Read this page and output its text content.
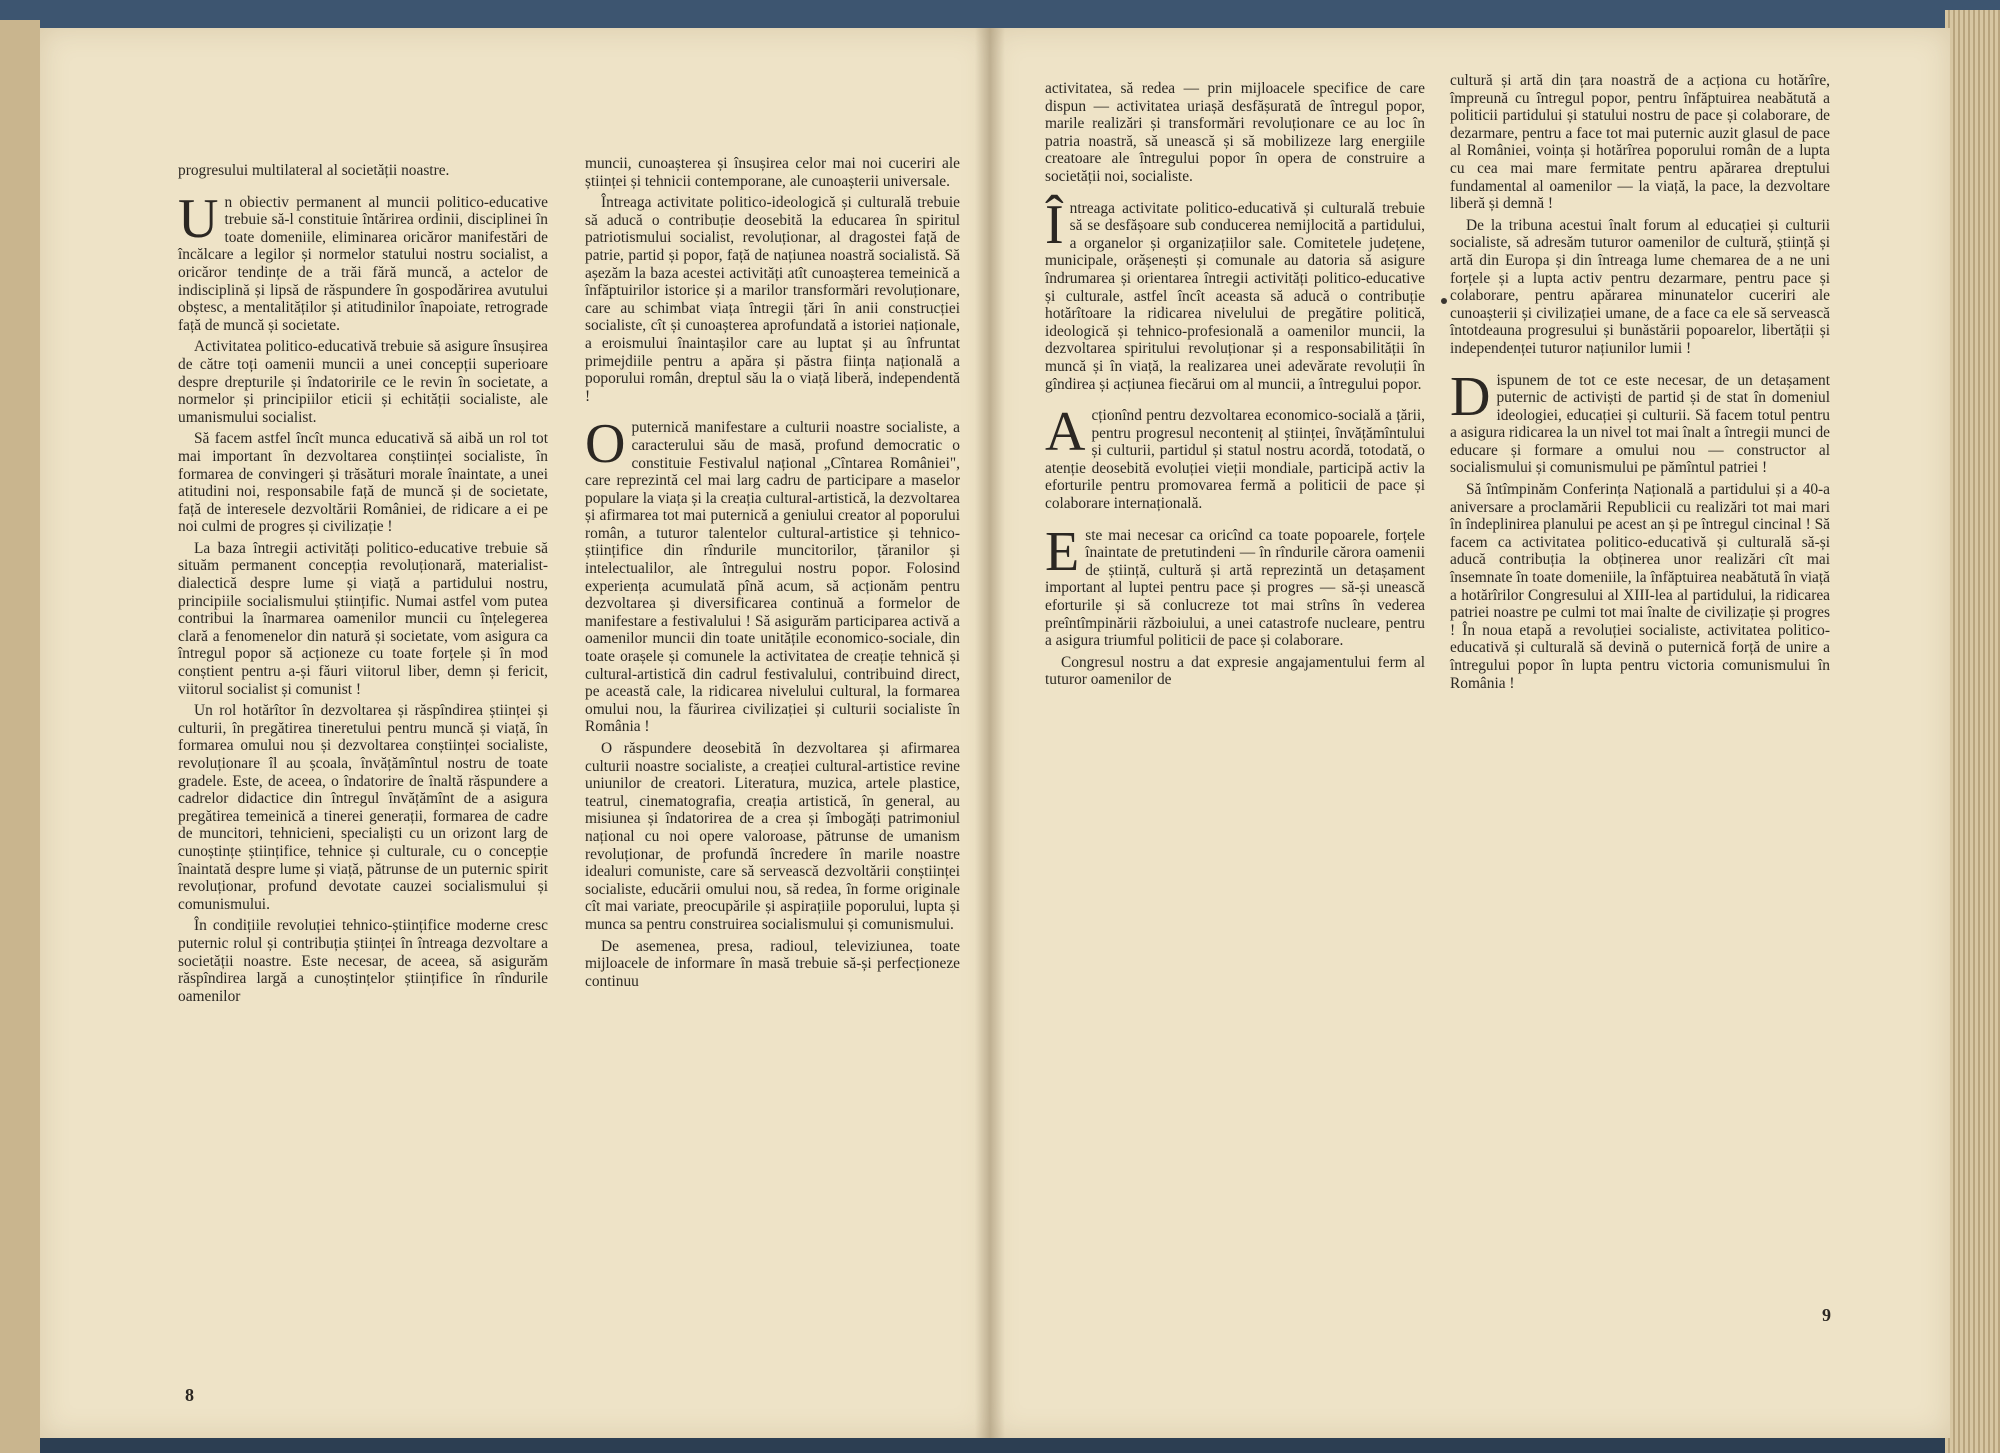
progresului multilateral al societății noastre.

Un obiectiv permanent al muncii politico-educative trebuie să-l constituie întărirea ordinii, disciplinei în toate domeniile, eliminarea oricăror manifestări de încălcare a legilor și normelor statului nostru socialist, a oricăror tendințe de a trăi fără muncă, a actelor de indisciplină și lipsă de răspundere în gospodărirea avutului obștesc, a mentalităților și atitudinilor înapoiate, retrograde față de muncă și societate.

Activitatea politico-educativă trebuie să asigure însușirea de către toți oamenii muncii a unei concepții superioare despre drepturile și îndatoririle ce le revin în societate, a normelor și principiilor eticii și echității socialiste, ale umanismului socialist.

Să facem astfel încît munca educativă să aibă un rol tot mai important în dezvoltarea conștiinței socialiste, în formarea de convingeri și trăsături morale înaintate, a unei atitudini noi, responsabile față de muncă și de societate, față de interesele dezvoltării României, de ridicare a ei pe noi culmi de progres și civilizație !

La baza întregii activități politico-educative trebuie să situăm permanent concepția revoluționară, materialist-dialectică despre lume și viață a partidului nostru, principiile socialismului științific. Numai astfel vom putea contribui la înarmarea oamenilor muncii cu înțelegerea clară a fenomenelor din natură și societate, vom asigura ca întregul popor să acționeze cu toate forțele și în mod conștient pentru a-și făuri viitorul liber, demn și fericit, viitorul socialist și comunist !

Un rol hotărîtor în dezvoltarea și răspîndirea științei și culturii, în pregătirea tineretului pentru muncă și viață, în formarea omului nou și dezvoltarea conștiinței socialiste, revoluționare îl au școala, învățămîntul nostru de toate gradele. Este, de aceea, o îndatorire de înaltă răspundere a cadrelor didactice din întregul învățămînt de a asigura pregătirea temeinică a tinerei generații, formarea de cadre de muncitori, tehnicieni, specialiști cu un orizont larg de cunoștințe științifice, tehnice și culturale, cu o concepție înaintată despre lume și viață, pătrunse de un puternic spirit revoluționar, profund devotate cauzei socialismului și comunismului.

În condițiile revoluției tehnico-științifice moderne cresc puternic rolul și contribuția științei în întreaga dezvoltare a societății noastre. Este necesar, de aceea, să asigurăm răspîndirea largă a cunoștințelor științifice în rîndurile oamenilor

muncii, cunoașterea și însușirea celor mai noi cuceriri ale științei și tehnicii contemporane, ale cunoașterii universale.

Întreaga activitate politico-ideologică și culturală trebuie să aducă o contribuție deosebită la educarea în spiritul patriotismului socialist, revoluționar, al dragostei față de patrie, partid și popor, față de națiunea noastră socialistă. Să așezăm la baza acestei activități atît cunoașterea temeinică a înfăptuirilor istorice și a marilor transformări revoluționare, care au schimbat viața întregii țări în anii construcției socialiste, cît și cunoașterea aprofundată a istoriei naționale, a eroismului înaintașilor care au luptat și au înfruntat primejdiile pentru a apăra și păstra ființa națională a poporului român, dreptul său la o viață liberă, independentă !

Oputernică manifestare a culturii noastre socialiste, a caracterului său de masă, profund democratic o constituie Festivalul național „Cîntarea României", care reprezintă cel mai larg cadru de participare a maselor populare la viața și la creația cultural-artistică, la dezvoltarea și afirmarea tot mai puternică a geniului creator al poporului român, a tuturor talentelor cultural-artistice și tehnico-științifice din rîndurile muncitorilor, țăranilor și intelectualilor, ale întregului nostru popor. Folosind experiența acumulată pînă acum, să acționăm pentru dezvoltarea și diversificarea continuă a formelor de manifestare a festivalului ! Să asigurăm participarea activă a oamenilor muncii din toate unitățile economico-sociale, din toate orașele și comunele la activitatea de creație tehnică și cultural-artistică din cadrul festivalului, contribuind direct, pe această cale, la ridicarea nivelului cultural, la formarea omului nou, la făurirea civilizației și culturii socialiste în România !

O răspundere deosebită în dezvoltarea și afirmarea culturii noastre socialiste, a creației cultural-artistice revine uniunilor de creatori. Literatura, muzica, artele plastice, teatrul, cinematografia, creația artistică, în general, au misiunea și îndatorirea de a crea și îmbogăți patrimoniul național cu noi opere valoroase, pătrunse de umanism revoluționar, de profundă încredere în marile noastre idealuri comuniste, care să servească dezvoltării conștiinței socialiste, educării omului nou, să redea, în forme originale cît mai variate, preocupările și aspirațiile poporului, lupta și munca sa pentru construirea socialismului și comunismului.

De asemenea, presa, radioul, televiziunea, toate mijloacele de informare în masă trebuie să-și perfecționeze continuu

8

activitatea, să redea — prin mijloacele specifice de care dispun — activitatea uriașă desfășurată de întregul popor, marile realizări și transformări revoluționare ce au loc în patria noastră, să unească și să mobilizeze larg energiile creatoare ale întregului popor în opera de construire a societății noi, socialiste.

Întreaga activitate politico-educativă și culturală trebuie să se desfășoare sub conducerea nemijlocită a partidului, a organelor și organizațiilor sale. Comitetele județene, municipale, orășenești și comunale au datoria să asigure îndrumarea și orientarea întregii activități politico-educative și culturale, astfel încît aceasta să aducă o contribuție hotărîtoare la ridicarea nivelului de pregătire politică, ideologică și tehnico-profesională a oamenilor muncii, la dezvoltarea spiritului revoluționar și a responsabilității în muncă și în viață, la realizarea unei adevărate revoluții în gîndirea și acțiunea fiecărui om al muncii, a întregului popor.

Acționînd pentru dezvoltarea economico-socială a țării, pentru progresul neconteniț al științei, învățămîntului și culturii, partidul și statul nostru acordă, totodată, o atenție deosebită evoluției vieții mondiale, participă activ la eforturile pentru promovarea fermă a politicii de pace și colaborare internațională.

Este mai necesar ca oricînd ca toate popoarele, forțele înaintate de pretutindeni — în rîndurile cărora oamenii de știință, cultură și artă reprezintă un detașament important al luptei pentru pace și progres — să-și unească eforturile și să conlucreze tot mai strîns în vederea preîntîmpinării războiului, a unei catastrofe nucleare, pentru a asigura triumful politicii de pace și colaborare.

Congresul nostru a dat expresie angajamentului ferm al tuturor oamenilor de

cultură și artă din țara noastră de a acționa cu hotărîre, împreună cu întregul popor, pentru înfăptuirea neabătută a politicii partidului și statului nostru de pace și colaborare, de dezarmare, pentru a face tot mai puternic auzit glasul de pace al României, voința și hotărîrea poporului român de a lupta cu cea mai mare fermitate pentru apărarea dreptului fundamental al oamenilor — la viață, la pace, la dezvoltare liberă și demnă !

De la tribuna acestui înalt forum al educației și culturii socialiste, să adresăm tuturor oamenilor de cultură, știință și artă din Europa și din întreaga lume chemarea de a ne uni forțele și a lupta activ pentru dezarmare, pentru pace și colaborare, pentru apărarea minunatelor cuceriri ale cunoașterii și civilizației umane, de a face ca ele să servească întotdeauna progresului și bunăstării popoarelor, libertății și independenței tuturor națiunilor lumii !

Dispunem de tot ce este necesar, de un detașament puternic de activiști de partid și de stat în domeniul ideologiei, educației și culturii. Să facem totul pentru a asigura ridicarea la un nivel tot mai înalt a întregii munci de educare și formare a omului nou — constructor al socialismului și comunismului pe pămîntul patriei !

Să întîmpinăm Conferința Națională a partidului și a 40-a aniversare a proclamării Republicii cu realizări tot mai mari în îndeplinirea planului pe acest an și pe întregul cincinal ! Să facem ca activitatea politico-educativă și culturală să-și aducă contribuția la obținerea unor realizări cît mai însemnate în toate domeniile, la înfăptuirea neabătută în viață a hotărîrilor Congresului al XIII-lea al partidului, la ridicarea patriei noastre pe culmi tot mai înalte de civilizație și progres ! În noua etapă a revoluției socialiste, activitatea politico-educativă și culturală să devină o puternică forță de unire a întregului popor în lupta pentru victoria comunismului în România !

9
